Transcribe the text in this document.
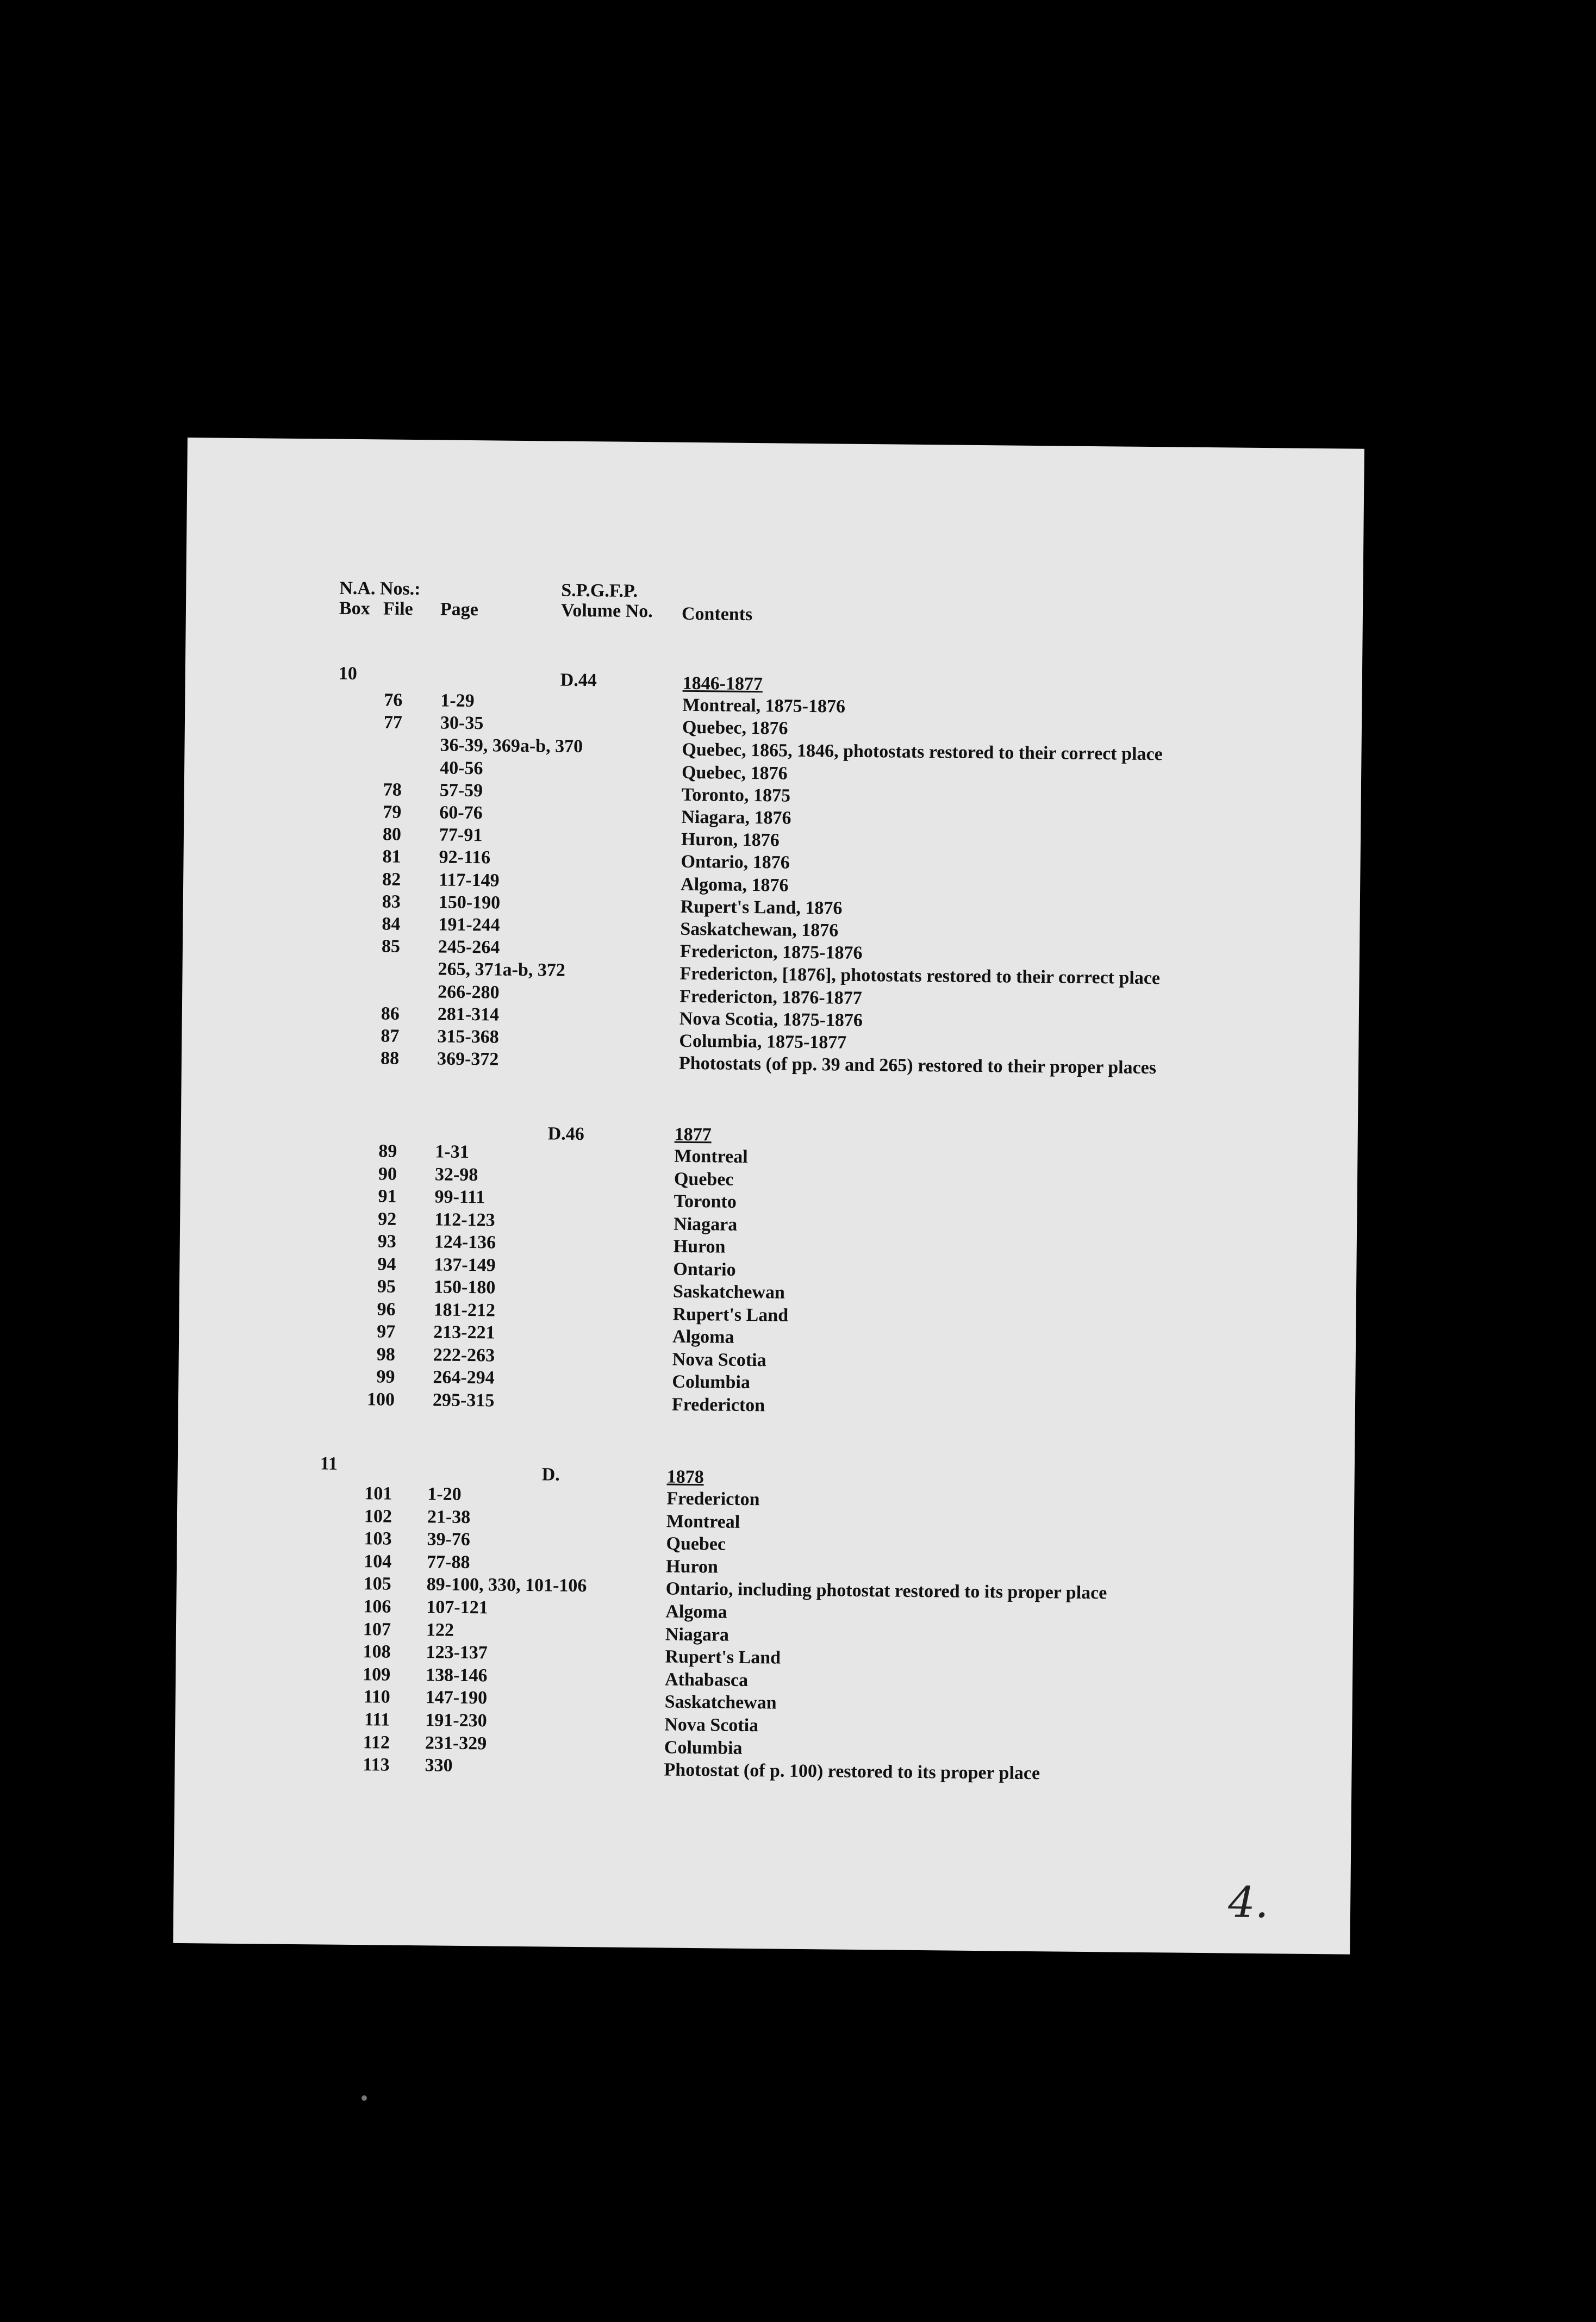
N.A. Nos.:
Box File Page
S.P.G.F.P.
Volume No. Contents
10	D.44	1846-1877
76 1-29	Montreal, 1875-1876
77 30-35	Quebec, 1876
36-39, 369a-b, 370	Quebec, 1865, 1846, photostats restored to their correct place
40-56	Quebec, 1876
78 57-59	Toronto, 1875
79 60-76	Niagara, 1876
80 77-91	Huron, 1876
81 92-116	Ontario, 1876
82 117-149	Algoma, 1876
83 150-190	Rupert's Land, 1876
84 191-244	Saskatchewan, 1876
85 245-264	Fredericton, 1875-1876
265, 371a-b, 372	Fredericton, [1876], photostats restored to their correct place
266-280	Fredericton, 1876-1877
86 281-314	Nova Scotia, 1875-1876
87 315-368	Columbia, 1875-1877
88 369-372	Photostats (of pp. 39 and 265) restored to their proper places
D.46	1877
89 1-31	Montreal
90 32-98	Quebec
91 99-111	Toronto
92 112-123	Niagara
93 124-136	Huron
94 137-149	Ontario
95 150-180	Saskatchewan
96 181-212	Rupert's Land
97 213-221	Algoma
98 222-263	Nova Scotia
99 264-294	Columbia
100 295-315	Fredericton
11
D.	1878
101 1-20	Fredericton
102 21-38	Montreal
103 39-76	Quebec
104 77-88	Huron
105 89-100, 330, 101-106	Ontario, including photostat restored to its proper place
106 107-121	Algoma
107 122	Niagara
108 123-137	Rupert's Land
109 138-146	Athabasca
110 147-190	Saskatchewan
111 191-230	Nova Scotia
112 231-329	Columbia
113 330	Photostat (of p. 100) restored to its proper place
4.
